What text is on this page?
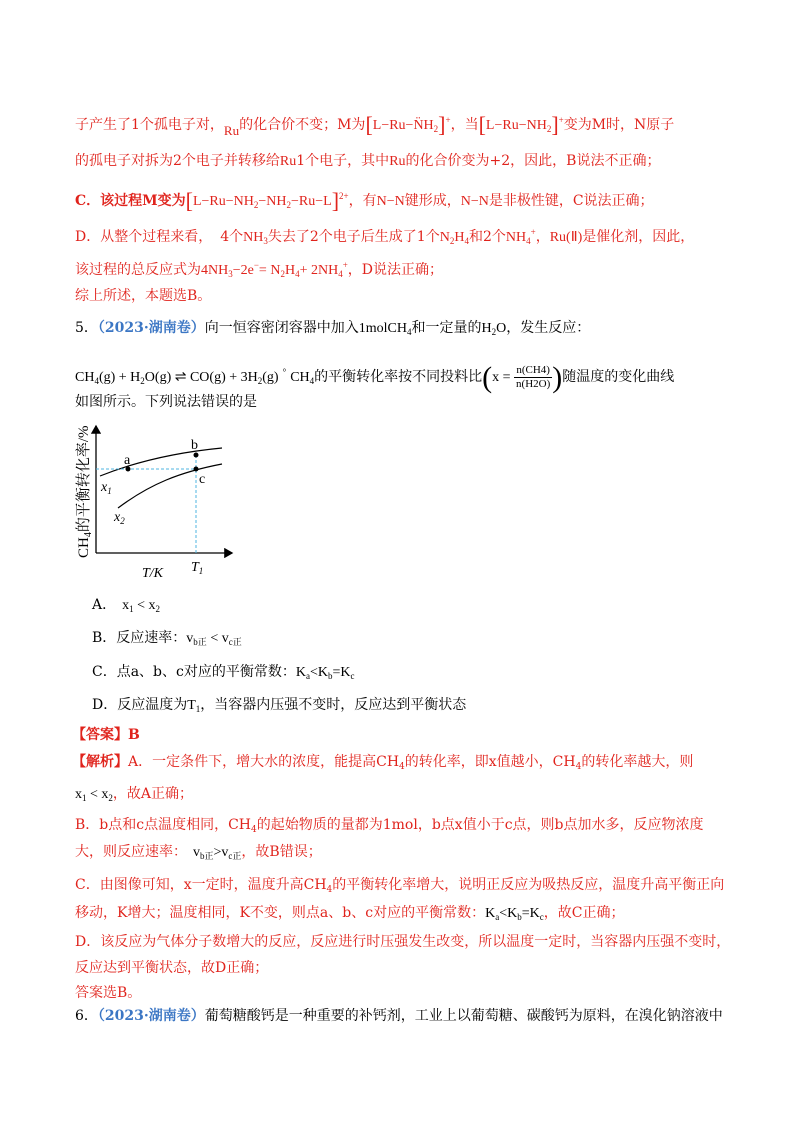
子产生了1个孤电子对，Ru的化合价不变；M为$[L-Ru-N̈H_2]^+$，当$[L-Ru-NH_2]^+$变为M时，N原子
的孤电子对拆为2个电子并转移给Ru1个电子，其中Ru的化合价变为+2，因此，B说法不正确；
C．该过程M变为$[L-Ru-NH_2-NH_2-Ru-L]^{2+}$，有N−N键形成，N−N是非极性键，C说法正确；
D．从整个过程来看， 4个$NH_3$失去了2个电子后生成了1个$N_2H_4$和2个$NH_4^+$，Ru(Ⅱ)是催化剂，因此，
该过程的总反应式为$4NH_3-2e^-= N_2H_4+ 2NH_4^+$，D说法正确；
综上所述，本题选B。
5．（2023·湖南卷）向一恒容密闭容器中加入1molCH$_4$和一定量的$H_2O$，发生反应：
$CH_4(g) + H_2O(g)$ ⇌ $CO(g) + 3H_2(g)$ ° $CH_4$的平衡转化率按不同投料比($x = \frac{n(CH4)}{n(H2O)}$ )随温度的变化曲线
如图所示。下列说法错误的是
a
b
c
$x_1$
$x_2$
$CH_4$的平衡转化率/%
T/K $T_1$
A． $x_1 < x_2$
B．反应速率：$v_{b正} < v_{c正}$
C．点a、b、c对应的平衡常数：$K_a<K_b=K_c$
D．反应温度为$T_1$，当容器内压强不变时，反应达到平衡状态
【答案】B
【解析】A．一定条件下，增大水的浓度，能提高$CH_4$的转化率，即x值越小，$CH_4$的转化率越大，则
$x_1 < x_2$，故A正确；
B．b点和c点温度相同，$CH_4$的起始物质的量都为1mol，b点x值小于c点，则b点加水多，反应物浓度
大，则反应速率： $v_{b正}>v_{c正}$，故B错误；
C．由图像可知，x一定时，温度升高$CH_4$的平衡转化率增大，说明正反应为吸热反应，温度升高平衡正向
移动，K增大；温度相同，K不变，则点a、b、c对应的平衡常数：$K_a<K_b=K_c$，故C正确；
D．该反应为气体分子数增大的反应，反应进行时压强发生改变，所以温度一定时，当容器内压强不变时，
反应达到平衡状态，故D正确；
答案选B。
6．（2023·湖南卷）葡萄糖酸钙是一种重要的补钙剂，工业上以葡萄糖、碳酸钙为原料，在溴化钠溶液中
